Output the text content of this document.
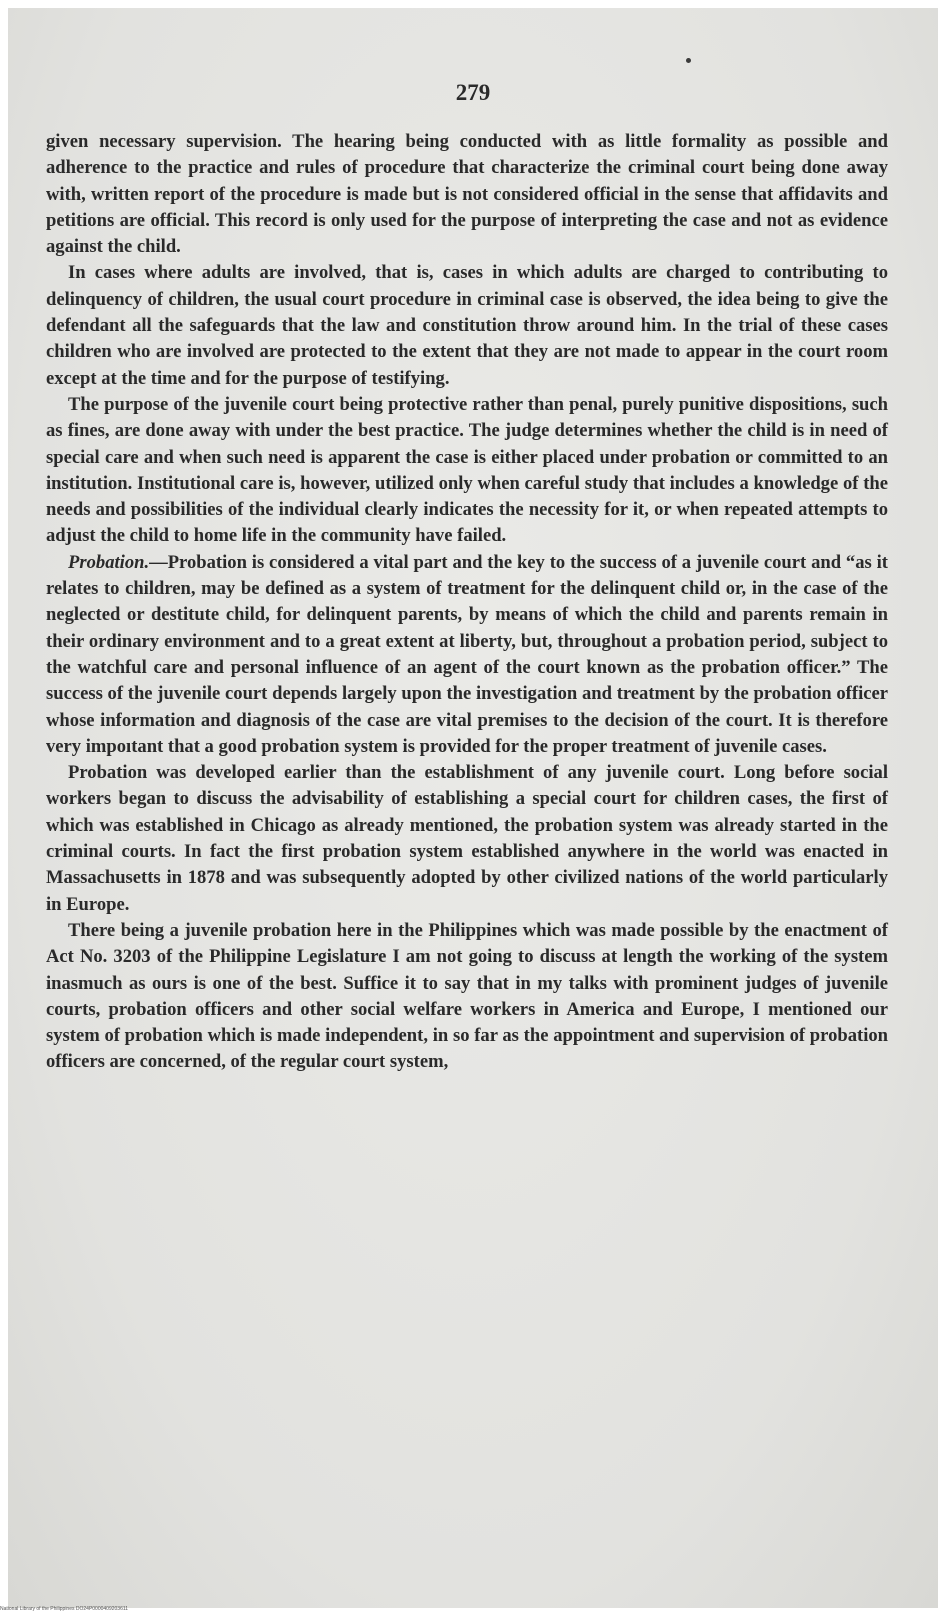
279

given necessary supervision. The hearing being conducted with as little formality as possible and adherence to the practice and rules of procedure that characterize the criminal court being done away with, written report of the procedure is made but is not considered official in the sense that affidavits and petitions are official. This record is only used for the purpose of interpreting the case and not as evidence against the child.

In cases where adults are involved, that is, cases in which adults are charged to contributing to delinquency of children, the usual court procedure in criminal case is observed, the idea being to give the defendant all the safeguards that the law and constitution throw around him. In the trial of these cases children who are involved are protected to the extent that they are not made to appear in the court room except at the time and for the purpose of testifying.

The purpose of the juvenile court being protective rather than penal, purely punitive dispositions, such as fines, are done away with under the best practice. The judge determines whether the child is in need of special care and when such need is apparent the case is either placed under probation or committed to an institution. Institutional care is, however, utilized only when careful study that includes a knowledge of the needs and possibilities of the individual clearly indicates the necessity for it, or when repeated attempts to adjust the child to home life in the community have failed.

Probation.—Probation is considered a vital part and the key to the success of a juvenile court and “as it relates to children, may be defined as a system of treatment for the delinquent child or, in the case of the neglected or destitute child, for delinquent parents, by means of which the child and parents remain in their ordinary environment and to a great extent at liberty, but, throughout a probation period, subject to the watchful care and personal influence of an agent of the court known as the probation officer.” The success of the juvenile court depends largely upon the investigation and treatment by the probation officer whose information and diagnosis of the case are vital premises to the decision of the court. It is therefore very impoıtant that a good probation system is provided for the proper treatment of juvenile cases.

Probation was developed earlier than the establishment of any juvenile court. Long before social workers began to discuss the advisability of establishing a special court for children cases, the first of which was established in Chicago as already mentioned, the probation system was already started in the criminal courts. In fact the first probation system established anywhere in the world was enacted in Massachusetts in 1878 and was subsequently adopted by other civilized nations of the world particularly in Europe.

There being a juvenile probation here in the Philippines which was made possible by the enactment of Act No. 3203 of the Philippine Legislature I am not going to discuss at length the working of the system inasmuch as ours is one of the best. Suffice it to say that in my talks with prominent judges of juvenile courts, probation officers and other social welfare workers in America and Europe, I mentioned our system of probation which is made independent, in so far as the appointment and supervision of probation officers are concerned, of the regular court system,

National Library of the Philippines DO24P0000409203611
